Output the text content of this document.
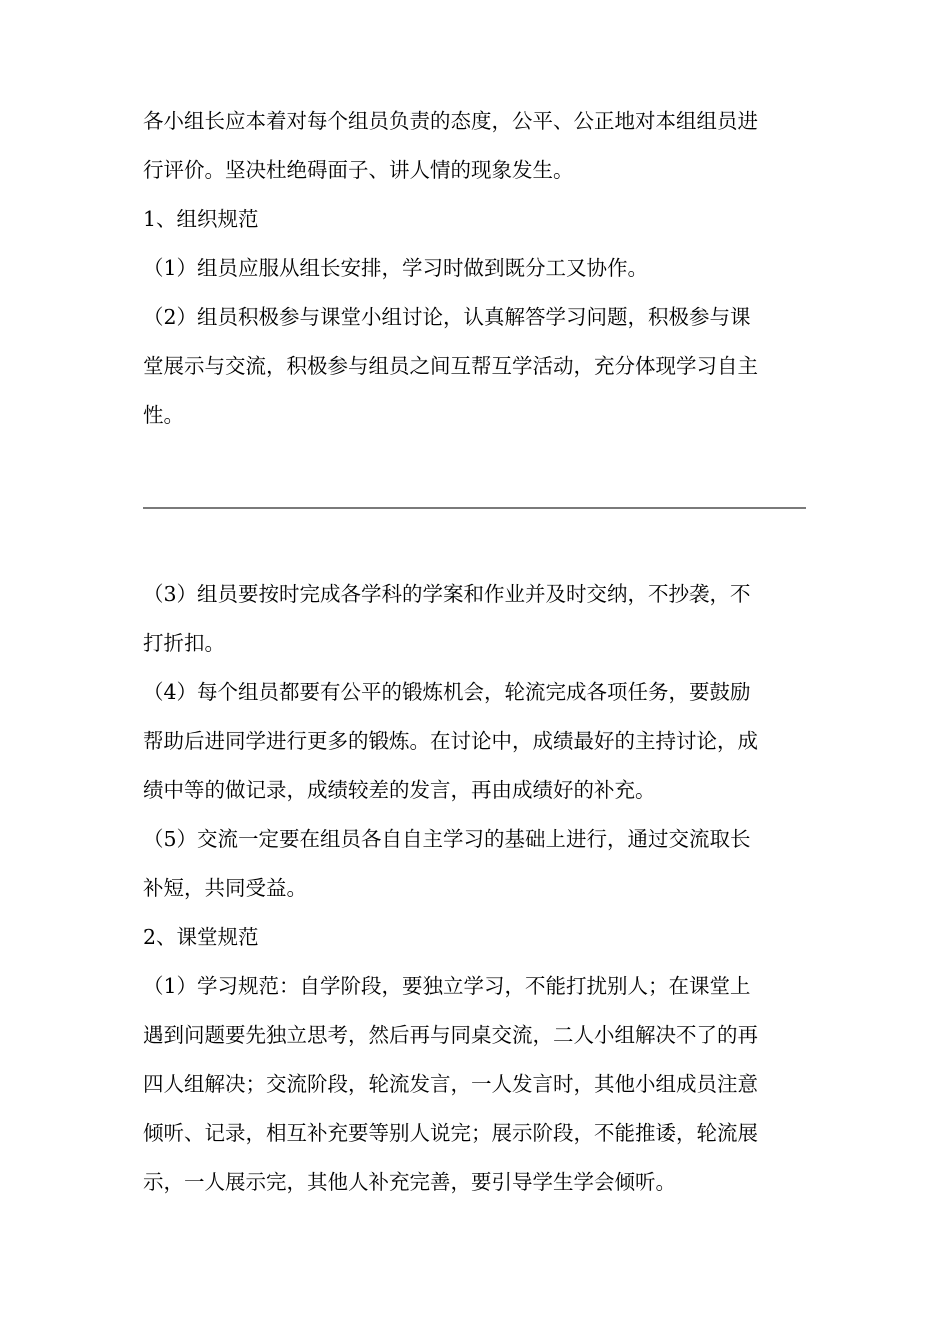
各小组长应本着对每个组员负责的态度，公平、公正地对本组组员进
行评价。坚决杜绝碍面子、讲人情的现象发生。
1、组织规范
（1）组员应服从组长安排，学习时做到既分工又协作。
（2）组员积极参与课堂小组讨论，认真解答学习问题，积极参与课
堂展示与交流，积极参与组员之间互帮互学活动，充分体现学习自主
性。
（3）组员要按时完成各学科的学案和作业并及时交纳，不抄袭，不
打折扣。
（4）每个组员都要有公平的锻炼机会，轮流完成各项任务，要鼓励
帮助后进同学进行更多的锻炼。在讨论中，成绩最好的主持讨论，成
绩中等的做记录，成绩较差的发言，再由成绩好的补充。
（5）交流一定要在组员各自自主学习的基础上进行，通过交流取长
补短，共同受益。
2、课堂规范
（1）学习规范：自学阶段，要独立学习，不能打扰别人；在课堂上
遇到问题要先独立思考，然后再与同桌交流，二人小组解决不了的再
四人组解决；交流阶段，轮流发言，一人发言时，其他小组成员注意
倾听、记录，相互补充要等别人说完；展示阶段，不能推诿，轮流展
示，一人展示完，其他人补充完善，要引导学生学会倾听。
